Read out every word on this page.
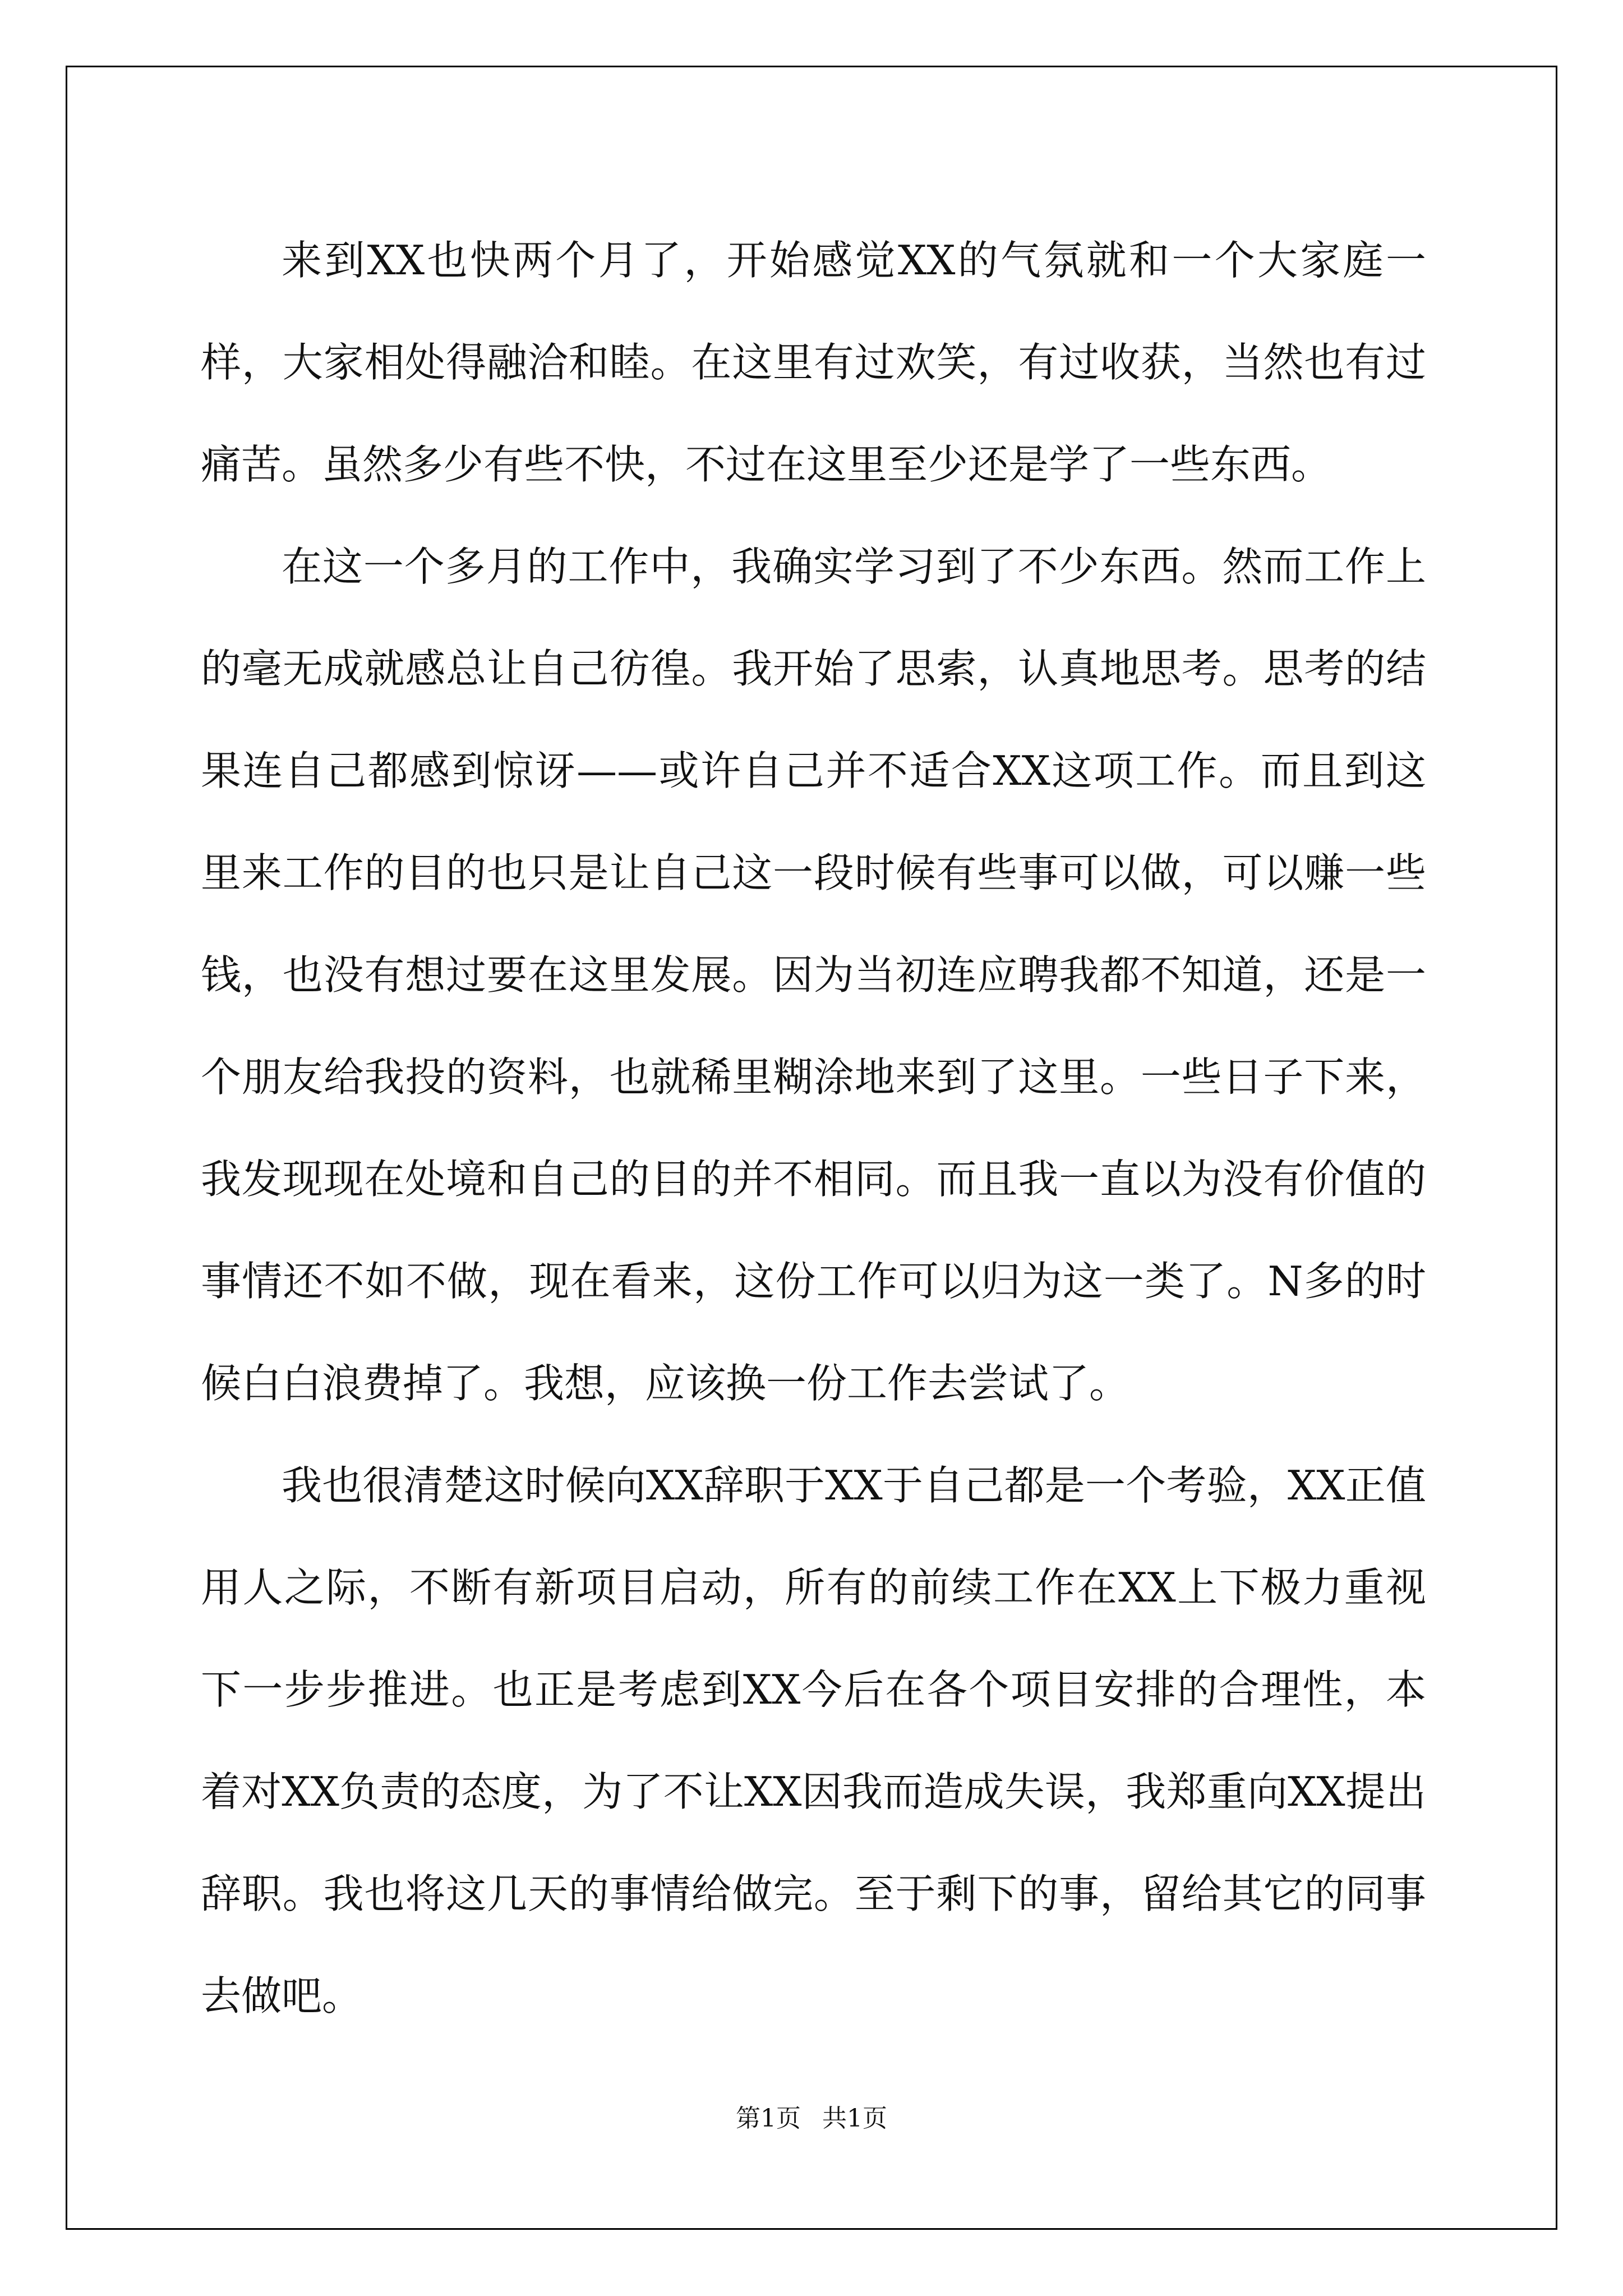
来到XX也快两个月了，开始感觉XX的气氛就和一个大家庭一样，大家相处得融洽和睦。在这里有过欢笑，有过收获，当然也有过痛苦。虽然多少有些不快，不过在这里至少还是学了一些东西。

在这一个多月的工作中，我确实学习到了不少东西。然而工作上的毫无成就感总让自己彷徨。我开始了思索，认真地思考。思考的结果连自己都感到惊讶——或许自己并不适合XX这项工作。而且到这里来工作的目的也只是让自己这一段时候有些事可以做，可以赚一些钱，也没有想过要在这里发展。因为当初连应聘我都不知道，还是一个朋友给我投的资料，也就稀里糊涂地来到了这里。一些日子下来，我发现现在处境和自己的目的并不相同。而且我一直以为没有价值的事情还不如不做，现在看来，这份工作可以归为这一类了。N多的时候白白浪费掉了。我想，应该换一份工作去尝试了。

我也很清楚这时候向XX辞职于XX于自己都是一个考验，XX正值用人之际，不断有新项目启动，所有的前续工作在XX上下极力重视下一步步推进。也正是考虑到XX今后在各个项目安排的合理性，本着对XX负责的态度，为了不让XX因我而造成失误，我郑重向XX提出辞职。我也将这几天的事情给做完。至于剩下的事，留给其它的同事去做吧。

第1页 共1页
